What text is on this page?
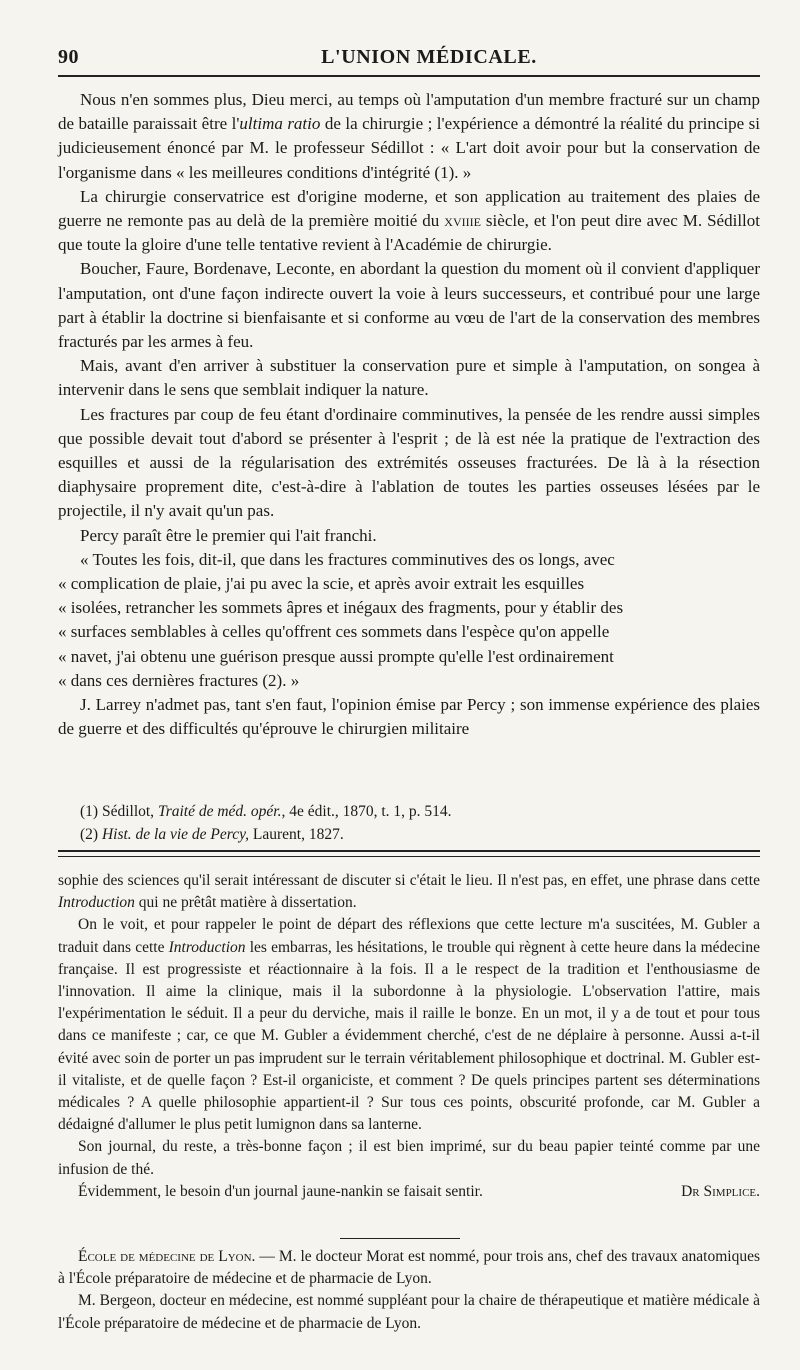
90	L'UNION MÉDICALE.

Nous n'en sommes plus, Dieu merci, au temps où l'amputation d'un membre fracturé sur un champ de bataille paraissait être l'ultima ratio de la chirurgie ; l'expérience a démontré la réalité du principe si judicieusement énoncé par M. le professeur Sédillot : « L'art doit avoir pour but la conservation de l'organisme dans « les meilleures conditions d'intégrité (1). »

La chirurgie conservatrice est d'origine moderne, et son application au traitement des plaies de guerre ne remonte pas au delà de la première moitié du xviiie siècle, et l'on peut dire avec M. Sédillot que toute la gloire d'une telle tentative revient à l'Académie de chirurgie.

Boucher, Faure, Bordenave, Leconte, en abordant la question du moment où il convient d'appliquer l'amputation, ont d'une façon indirecte ouvert la voie à leurs successeurs, et contribué pour une large part à établir la doctrine si bienfaisante et si conforme au vœu de l'art de la conservation des membres fracturés par les armes à feu.

Mais, avant d'en arriver à substituer la conservation pure et simple à l'amputation, on songea à intervenir dans le sens que semblait indiquer la nature.

Les fractures par coup de feu étant d'ordinaire comminutives, la pensée de les rendre aussi simples que possible devait tout d'abord se présenter à l'esprit ; de là est née la pratique de l'extraction des esquilles et aussi de la régularisation des extrémités osseuses fracturées. De là à la résection diaphysaire proprement dite, c'est-à-dire à l'ablation de toutes les parties osseuses lésées par le projectile, il n'y avait qu'un pas.

Percy paraît être le premier qui l'ait franchi.

« Toutes les fois, dit-il, que dans les fractures comminutives des os longs, avec

« complication de plaie, j'ai pu avec la scie, et après avoir extrait les esquilles

« isolées, retrancher les sommets âpres et inégaux des fragments, pour y établir des

« surfaces semblables à celles qu'offrent ces sommets dans l'espèce qu'on appelle

« navet, j'ai obtenu une guérison presque aussi prompte qu'elle l'est ordinairement

« dans ces dernières fractures (2). »

J. Larrey n'admet pas, tant s'en faut, l'opinion émise par Percy ; son immense expérience des plaies de guerre et des difficultés qu'éprouve le chirurgien militaire

(1) Sédillot, Traité de méd. opér., 4e édit., 1870, t. 1, p. 514.

(2) Hist. de la vie de Percy, Laurent, 1827.

sophie des sciences qu'il serait intéressant de discuter si c'était le lieu. Il n'est pas, en effet, une phrase dans cette Introduction qui ne prêtât matière à dissertation.

On le voit, et pour rappeler le point de départ des réflexions que cette lecture m'a suscitées, M. Gubler a traduit dans cette Introduction les embarras, les hésitations, le trouble qui règnent à cette heure dans la médecine française. Il est progressiste et réactionnaire à la fois. Il a le respect de la tradition et l'enthousiasme de l'innovation. Il aime la clinique, mais il la subordonne à la physiologie. L'observation l'attire, mais l'expérimentation le séduit. Il a peur du derviche, mais il raille le bonze. En un mot, il y a de tout et pour tous dans ce manifeste ; car, ce que M. Gubler a évidemment cherché, c'est de ne déplaire à personne. Aussi a-t-il évité avec soin de porter un pas imprudent sur le terrain véritablement philosophique et doctrinal. M. Gubler est-il vitaliste, et de quelle façon ? Est-il organiciste, et comment ? De quels principes partent ses déterminations médicales ? A quelle philosophie appartient-il ? Sur tous ces points, obscurité profonde, car M. Gubler a dédaigné d'allumer le plus petit lumignon dans sa lanterne.

Son journal, du reste, a très-bonne façon ; il est bien imprimé, sur du beau papier teinté comme par une infusion de thé.

Évidemment, le besoin d'un journal jaune-nankin se faisait sentir.	Dr Simplice.

École de médecine de Lyon. — M. le docteur Morat est nommé, pour trois ans, chef des travaux anatomiques à l'École préparatoire de médecine et de pharmacie de Lyon.

M. Bergeon, docteur en médecine, est nommé suppléant pour la chaire de thérapeutique et matière médicale à l'École préparatoire de médecine et de pharmacie de Lyon.
